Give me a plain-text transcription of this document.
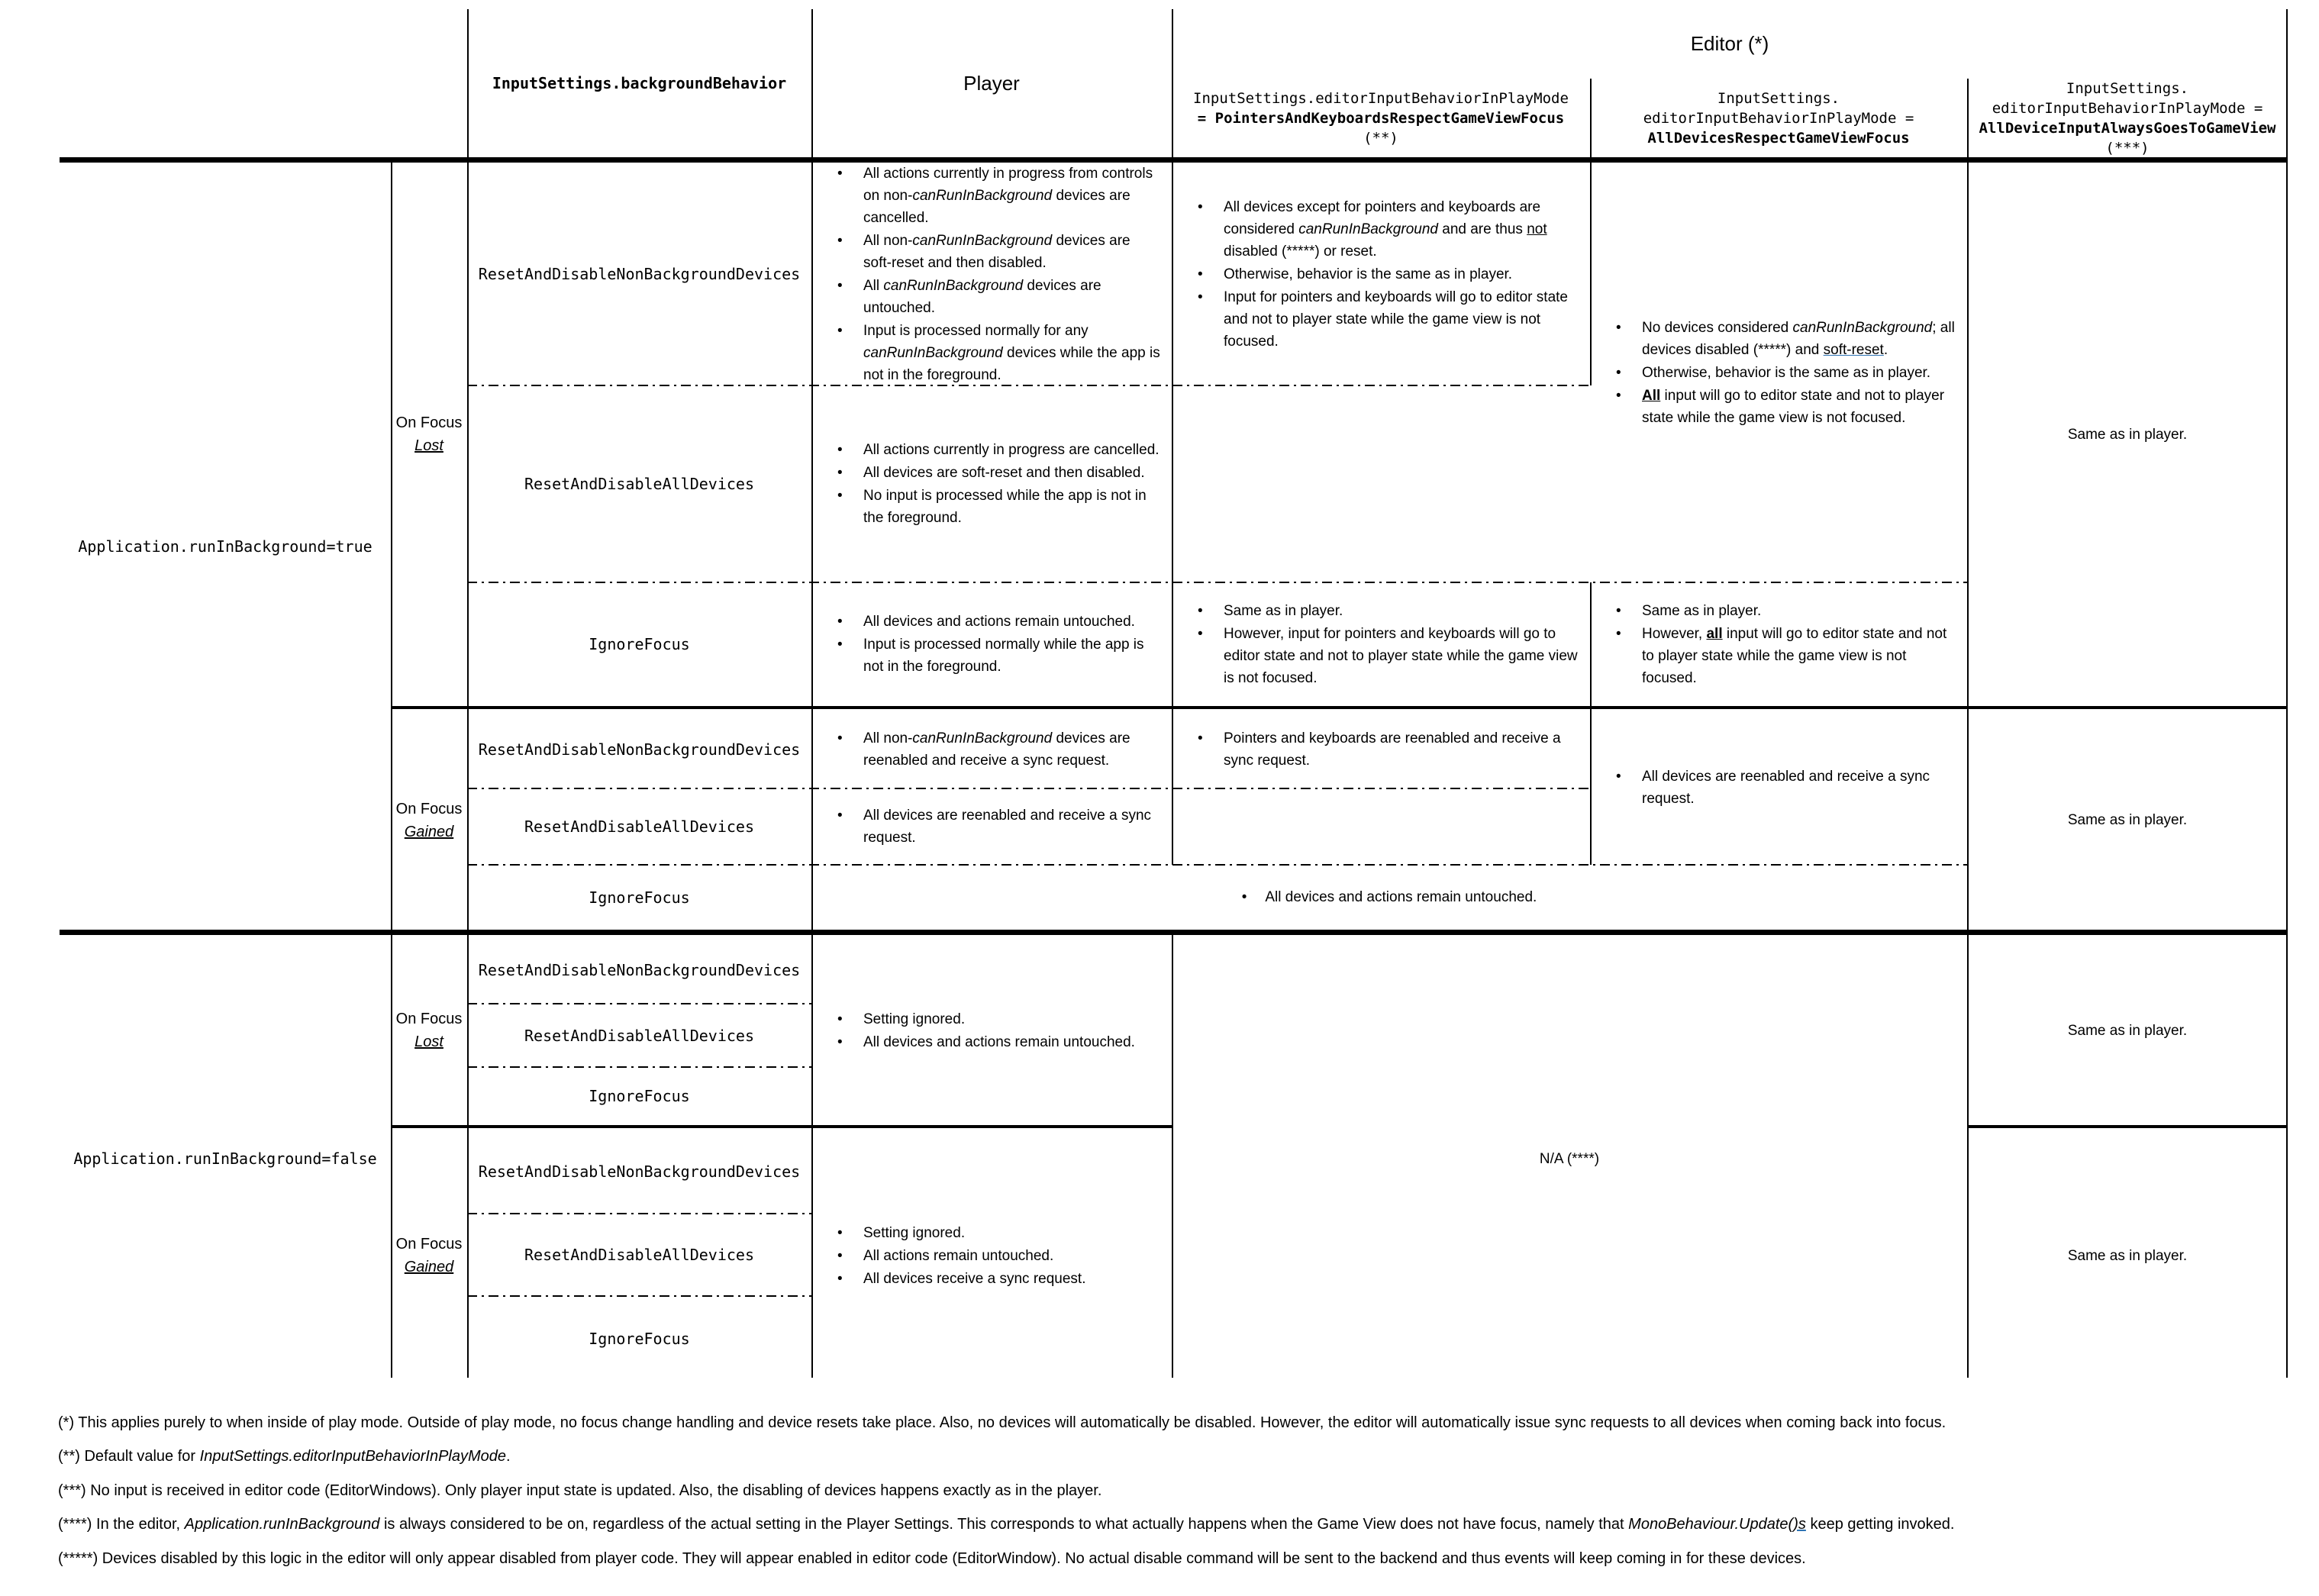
InputSettings.backgroundBehavior	Player
Editor (*)
InputSettings.editorInputBehaviorInPlayMode
= PointersAndKeyboardsRespectGameViewFocus
(**)
InputSettings.
editorInputBehaviorInPlayMode =
AllDevicesRespectGameViewFocus
InputSettings.
editorInputBehaviorInPlayMode =
AllDeviceInputAlwaysGoesToGameView
(***)
Application.runInBackground=true
On Focus
Lost
On Focus
Gained
ResetAndDisableNonBackgroundDevices
ResetAndDisableAllDevices
IgnoreFocus
ResetAndDisableNonBackgroundDevices
ResetAndDisableAllDevices
IgnoreFocus
• All actions currently in progress from controls on non-canRunInBackground devices are cancelled.
• All non-canRunInBackground devices are soft-reset and then disabled.
• All canRunInBackground devices are untouched.
• Input is processed normally for any canRunInBackground devices while the app is not in the foreground.
• All actions currently in progress are cancelled.
• All devices are soft-reset and then disabled.
• No input is processed while the app is not in the foreground.
• All devices and actions remain untouched.
• Input is processed normally while the app is not in the foreground.
• All non-canRunInBackground devices are reenabled and receive a sync request.
• All devices are reenabled and receive a sync request.
• All devices except for pointers and keyboards are considered canRunInBackground and are thus not disabled (*****) or reset.
• Otherwise, behavior is the same as in player.
• Input for pointers and keyboards will go to editor state and not to player state while the game view is not focused.
• Same as in player.
• However, input for pointers and keyboards will go to editor state and not to player state while the game view is not focused.
• Pointers and keyboards are reenabled and receive a sync request.
• No devices considered canRunInBackground; all devices disabled (*****) and soft-reset.
• Otherwise, behavior is the same as in player.
• All input will go to editor state and not to player state while the game view is not focused.
• Same as in player.
• However, all input will go to editor state and not to player state while the game view is not focused.
• All devices are reenabled and receive a sync request.
Same as in player.
Same as in player.
• All devices and actions remain untouched.
Application.runInBackground=false
On Focus
Lost
On Focus
Gained
ResetAndDisableNonBackgroundDevices
ResetAndDisableAllDevices
IgnoreFocus
ResetAndDisableNonBackgroundDevices
ResetAndDisableAllDevices
IgnoreFocus
• Setting ignored.
• All devices and actions remain untouched.
• Setting ignored.
• All actions remain untouched.
• All devices receive a sync request.
N/A (****)
Same as in player.
Same as in player.
(*) This applies purely to when inside of play mode. Outside of play mode, no focus change handling and device resets take place. Also, no devices will automatically be disabled. However, the editor will automatically issue sync requests to all devices when coming back into focus.
(**) Default value for InputSettings.editorInputBehaviorInPlayMode.
(***) No input is received in editor code (EditorWindows). Only player input state is updated. Also, the disabling of devices happens exactly as in the player.
(****) In the editor, Application.runInBackground is always considered to be on, regardless of the actual setting in the Player Settings. This corresponds to what actually happens when the Game View does not have focus, namely that MonoBehaviour.Update()s keep getting invoked.
(*****) Devices disabled by this logic in the editor will only appear disabled from player code. They will appear enabled in editor code (EditorWindow). No actual disable command will be sent to the backend and thus events will keep coming in for these devices.
